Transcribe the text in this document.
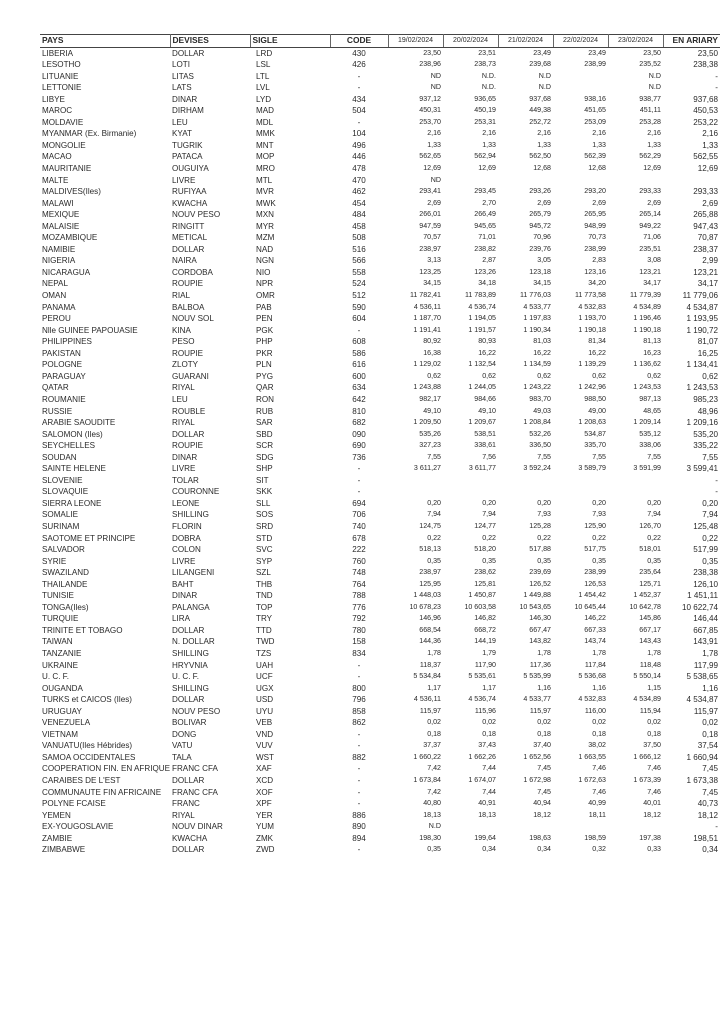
PAYS	DEVISES	SIGLE	CODE	19/02/2024	20/02/2024	21/02/2024	22/02/2024	23/02/2024	EN ARIARY
LIBERIA	DOLLAR	LRD	430	23,50	23,51	23,49	23,49	23,50	23,50
LESOTHO	LOTI	LSL	426	238,96	238,73	239,68	238,99	235,52	238,38
LITUANIE	LITAS	LTL	-	ND	N.D.	N.D		N.D	-
LETTONIE	LATS	LVL	-	ND	N.D.	N.D		N.D	-
LIBYE	DINAR	LYD	434	937,12	936,65	937,68	938,16	938,77	937,68
MAROC	DIRHAM	MAD	504	450,31	450,19	449,38	451,65	451,11	450,53
MOLDAVIE	LEU	MDL	-	253,70	253,31	252,72	253,09	253,28	253,22
MYANMAR (Ex. Birmanie)	KYAT	MMK	104	2,16	2,16	2,16	2,16	2,16	2,16
MONGOLIE	TUGRIK	MNT	496	1,33	1,33	1,33	1,33	1,33	1,33
MACAO	PATACA	MOP	446	562,65	562,94	562,50	562,39	562,29	562,55
MAURITANIE	OUGUIYA	MRO	478	12,69	12,69	12,68	12,68	12,69	12,69
MALTE	LIVRE	MTL	470	ND					
MALDIVES(Iles)	RUFIYAA	MVR	462	293,41	293,45	293,26	293,20	293,33	293,33
MALAWI	KWACHA	MWK	454	2,69	2,70	2,69	2,69	2,69	2,69
MEXIQUE	NOUV PESO	MXN	484	266,01	266,49	265,79	265,95	265,14	265,88
MALAISIE	RINGITT	MYR	458	947,59	945,65	945,72	948,99	949,22	947,43
MOZAMBIQUE	METICAL	MZM	508	70,57	71,01	70,96	70,73	71,06	70,87
NAMIBIE	DOLLAR	NAD	516	238,97	238,82	239,76	238,99	235,51	238,37
NIGERIA	NAIRA	NGN	566	3,13	2,87	3,05	2,83	3,08	2,99
NICARAGUA	CORDOBA	NIO	558	123,25	123,26	123,18	123,16	123,21	123,21
NEPAL	ROUPIE	NPR	524	34,15	34,18	34,15	34,20	34,17	34,17
OMAN	RIAL	OMR	512	11 782,41	11 783,89	11 776,03	11 773,58	11 779,39	11 779,06
PANAMA	BALBOA	PAB	590	4 536,11	4 536,74	4 533,77	4 532,83	4 534,89	4 534,87
PEROU	NOUV SOL	PEN	604	1 187,70	1 194,05	1 197,83	1 193,70	1 196,46	1 193,95
Nlle GUINEE PAPOUASIE	KINA	PGK	-	1 191,41	1 191,57	1 190,34	1 190,18	1 190,18	1 190,72
PHILIPPINES	PESO	PHP	608	80,92	80,93	81,03	81,34	81,13	81,07
PAKISTAN	ROUPIE	PKR	586	16,38	16,22	16,22	16,22	16,23	16,25
POLOGNE	ZLOTY	PLN	616	1 129,02	1 132,54	1 134,59	1 139,29	1 136,62	1 134,41
PARAGUAY	GUARANI	PYG	600	0,62	0,62	0,62	0,62	0,62	0,62
QATAR	RIYAL	QAR	634	1 243,88	1 244,05	1 243,22	1 242,96	1 243,53	1 243,53
ROUMANIE	LEU	RON	642	982,17	984,66	983,70	988,50	987,13	985,23
RUSSIE	ROUBLE	RUB	810	49,10	49,10	49,03	49,00	48,65	48,96
ARABIE SAOUDITE	RIYAL	SAR	682	1 209,50	1 209,67	1 208,84	1 208,63	1 209,14	1 209,16
SALOMON (Iles)	DOLLAR	SBD	090	535,26	538,51	532,26	534,87	535,12	535,20
SEYCHELLES	ROUPIE	SCR	690	327,23	338,61	336,50	335,70	338,06	335,22
SOUDAN	DINAR	SDG	736	7,55	7,56	7,55	7,55	7,55	7,55
SAINTE HELENE	LIVRE	SHP	-	3 611,27	3 611,77	3 592,24	3 589,79	3 591,99	3 599,41
SLOVENIE	TOLAR	SIT	-						-
SLOVAQUIE	COURONNE	SKK	-						-
SIERRA LEONE	LEONE	SLL	694	0,20	0,20	0,20	0,20	0,20	0,20
SOMALIE	SHILLING	SOS	706	7,94	7,94	7,93	7,93	7,94	7,94
SURINAM	FLORIN	SRD	740	124,75	124,77	125,28	125,90	126,70	125,48
SAOTOME ET PRINCIPE	DOBRA	STD	678	0,22	0,22	0,22	0,22	0,22	0,22
SALVADOR	COLON	SVC	222	518,13	518,20	517,88	517,75	518,01	517,99
SYRIE	LIVRE	SYP	760	0,35	0,35	0,35	0,35	0,35	0,35
SWAZILAND	LILANGENI	SZL	748	238,97	238,62	239,69	238,99	235,64	238,38
THAILANDE	BAHT	THB	764	125,95	125,81	126,52	126,53	125,71	126,10
TUNISIE	DINAR	TND	788	1 448,03	1 450,87	1 449,88	1 454,42	1 452,37	1 451,11
TONGA(Iles)	PALANGA	TOP	776	10 678,23	10 603,58	10 543,65	10 645,44	10 642,78	10 622,74
TURQUIE	LIRA	TRY	792	146,96	146,82	146,30	146,22	145,86	146,44
TRINITE ET TOBAGO	DOLLAR	TTD	780	668,54	668,72	667,47	667,33	667,17	667,85
TAIWAN	N. DOLLAR	TWD	158	144,36	144,19	143,82	143,74	143,43	143,91
TANZANIE	SHILLING	TZS	834	1,78	1,79	1,78	1,78	1,78	1,78
UKRAINE	HRYVNIA	UAH	-	118,37	117,90	117,36	117,84	118,48	117,99
U. C. F.	U. C. F.	UCF	-	5 534,84	5 535,61	5 535,99	5 536,68	5 550,14	5 538,65
OUGANDA	SHILLING	UGX	800	1,17	1,17	1,16	1,16	1,15	1,16
TURKS et CAICOS (Iles)	DOLLAR	USD	796	4 536,11	4 536,74	4 533,77	4 532,83	4 534,89	4 534,87
URUGUAY	NOUV PESO	UYU	858	115,97	115,96	115,97	116,00	115,94	115,97
VENEZUELA	BOLIVAR	VEB	862	0,02	0,02	0,02	0,02	0,02	0,02
VIETNAM	DONG	VND	-	0,18	0,18	0,18	0,18	0,18	0,18
VANUATU(Iles Hébrides)	VATU	VUV	-	37,37	37,43	37,40	38,02	37,50	37,54
SAMOA OCCIDENTALES	TALA	WST	882	1 660,22	1 662,26	1 652,56	1 663,55	1 666,12	1 660,94
COOPERATION FIN. EN AFRIQUE	FRANC CFA	XAF	-	7,42	7,44	7,45	7,46	7,46	7,45
CARAIBES DE L'EST	DOLLAR	XCD	-	1 673,84	1 674,07	1 672,98	1 672,63	1 673,39	1 673,38
COMMUNAUTE FIN AFRICAINE	FRANC CFA	XOF	-	7,42	7,44	7,45	7,46	7,46	7,45
POLYNE FCAISE	FRANC	XPF	-	40,80	40,91	40,94	40,99	40,01	40,73
YEMEN	RIYAL	YER	886	18,13	18,13	18,12	18,11	18,12	18,12
EX-YOUGOSLAVIE	NOUV DINAR	YUM	890	N.D					-
ZAMBIE	KWACHA	ZMK	894	198,30	199,64	198,63	198,59	197,38	198,51
ZIMBABWE	DOLLAR	ZWD	-	0,35	0,34	0,34	0,32	0,33	0,34
